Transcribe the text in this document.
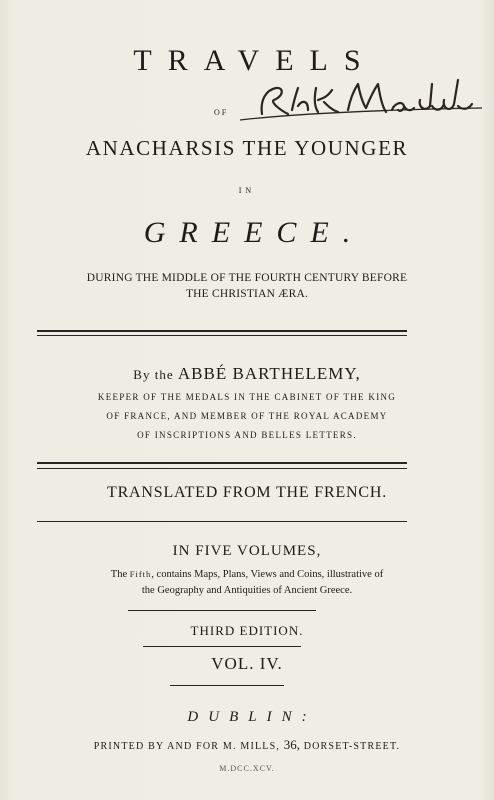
TRAVELS
OF
ANACHARSIS THE YOUNGER
IN
GREECE.
DURING THE MIDDLE OF THE FOURTH CENTURY BEFORE
THE CHRISTIAN ÆRA.
By the ABBÉ BARTHELEMY,
KEEPER OF THE MEDALS IN THE CABINET OF THE KING
OF FRANCE, AND MEMBER OF THE ROYAL ACADEMY
OF INSCRIPTIONS AND BELLES LETTERS.
TRANSLATED FROM THE FRENCH.
IN FIVE VOLUMES,
The Fifth, contains Maps, Plans, Views and Coins, illustrative of
the Geography and Antiquities of Ancient Greece.
THIRD EDITION.
VOL. IV.
DUBLIN:
PRINTED BY AND FOR M. MILLS, 36, DORSET-STREET.
M.DCC.XCV.
